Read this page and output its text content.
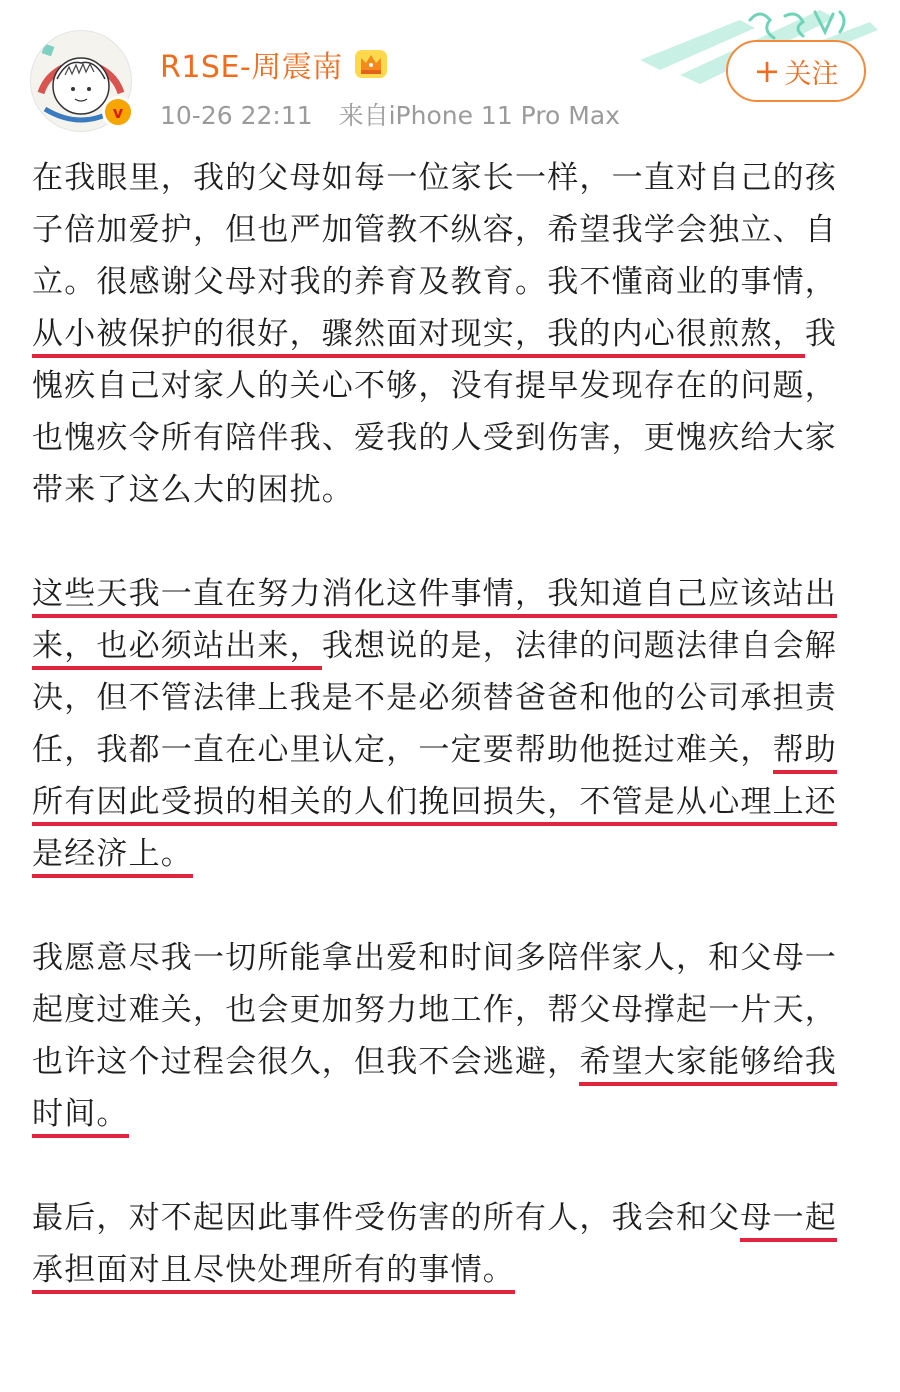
v
R1SE-周震南
10-26 22:11 来自iPhone 11 Pro Max
+ 关注

在我眼里，我的父母如每一位家长一样，一直对自己的孩子倍加爱护，但也严加管教不纵容，希望我学会独立、自立。很感谢父母对我的养育及教育。我不懂商业的事情，从小被保护的很好，骤然面对现实，我的内心很煎熬，我愧疚自己对家人的关心不够，没有提早发现存在的问题，也愧疚令所有陪伴我、爱我的人受到伤害，更愧疚给大家带来了这么大的困扰。

这些天我一直在努力消化这件事情，我知道自己应该站出来，也必须站出来，我想说的是，法律的问题法律自会解决，但不管法律上我是不是必须替爸爸和他的公司承担责任，我都一直在心里认定，一定要帮助他挺过难关，帮助所有因此受损的相关的人们挽回损失，不管是从心理上还是经济上。

我愿意尽我一切所能拿出爱和时间多陪伴家人，和父母一起度过难关，也会更加努力地工作，帮父母撑起一片天，也许这个过程会很久，但我不会逃避，希望大家能够给我时间。

最后，对不起因此事件受伤害的所有人，我会和父母一起承担面对且尽快处理所有的事情。
